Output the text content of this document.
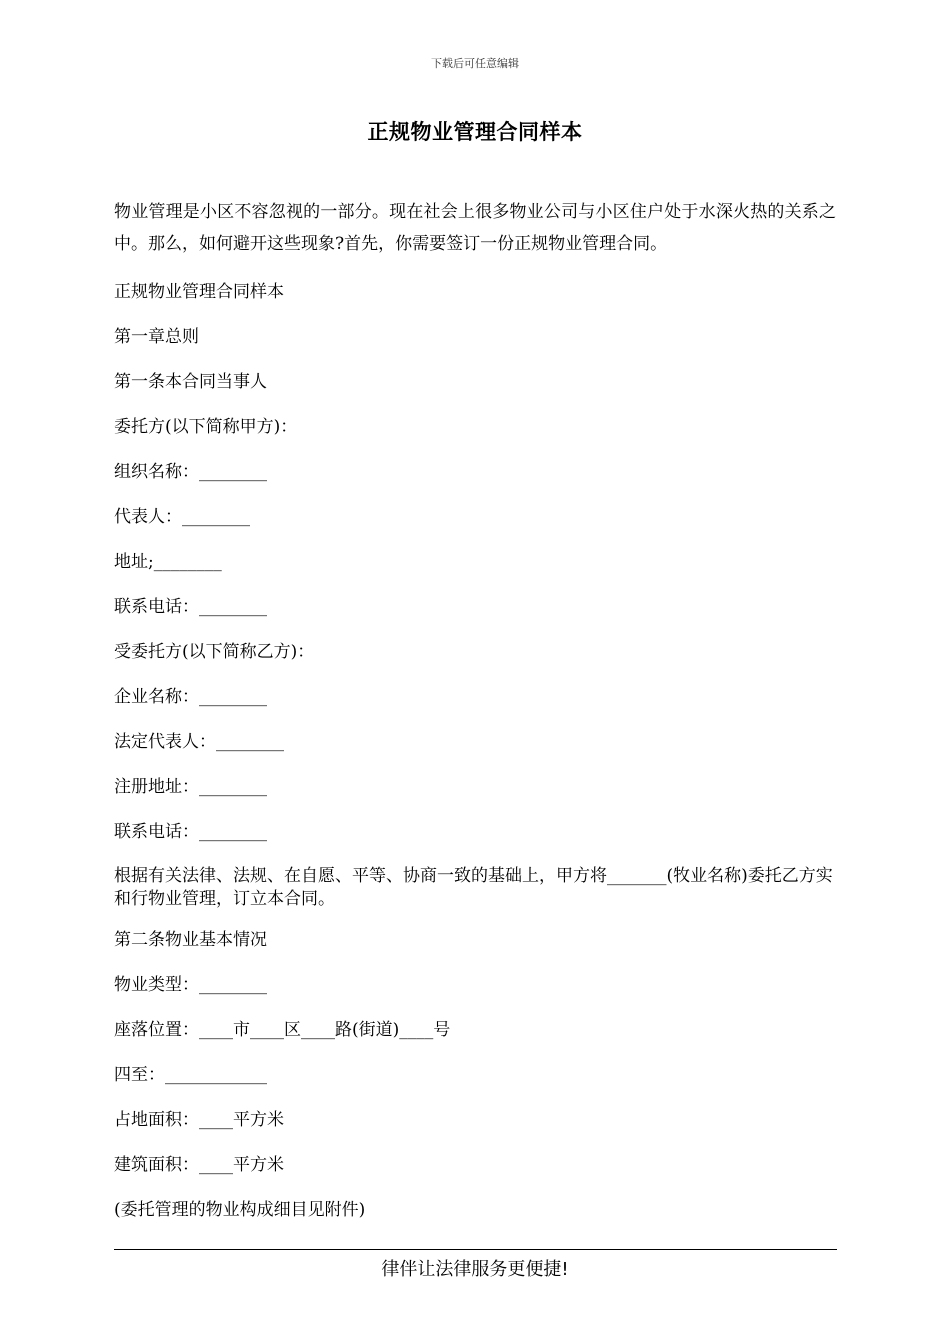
下载后可任意编辑
正规物业管理合同样本

物业管理是小区不容忽视的一部分。现在社会上很多物业公司与小区住户处于水深火热的关系之中。那么，如何避开这些现象?首先，你需要签订一份正规物业管理合同。

正规物业管理合同样本

第一章总则

第一条本合同当事人

委托方(以下简称甲方)：

组织名称：________

代表人：________

地址;________

联系电话：________

受委托方(以下简称乙方)：

企业名称：________

法定代表人：________

注册地址：________

联系电话：________

根据有关法律、法规、在自愿、平等、协商一致的基础上，甲方将_______(牧业名称)委托乙方实和行物业管理，订立本合同。

第二条物业基本情况

物业类型：________

座落位置：____市____区____路(街道)____号

四至：____________

占地面积：____平方米

建筑面积：____平方米

(委托管理的物业构成细目见附件)

律伴让法律服务更便捷!
